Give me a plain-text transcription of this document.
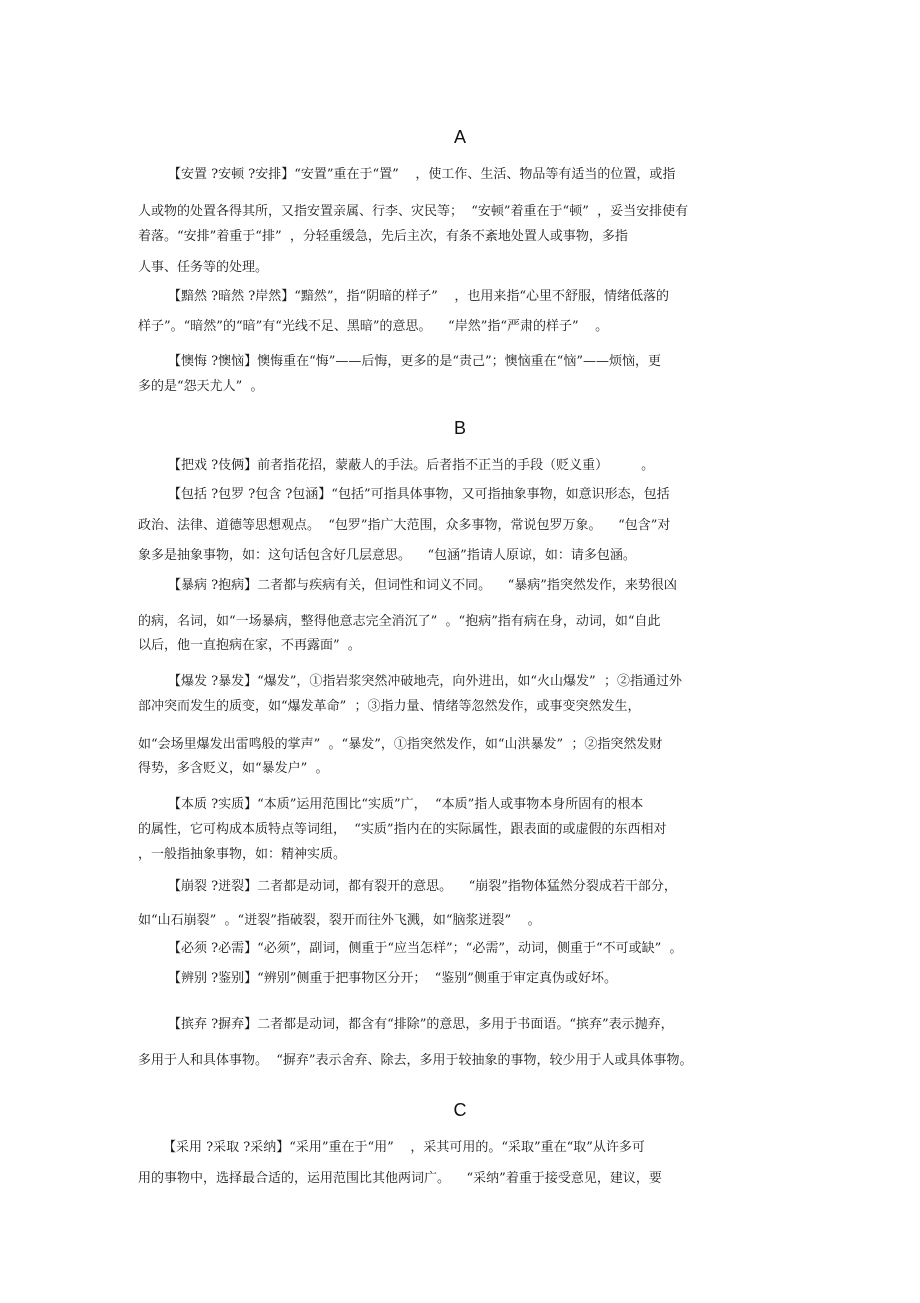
A
【安置 ?安顿 ?安排】“安置”重在于“置”    ，使工作、生活、物品等有适当的位置，或指
人或物的处置各得其所，又指安置亲属、行李、灾民等；  “安顿”着重在于“顿”  ，妥当安排使有
着落。“安排”着重于“排”  ，分轻重缓急，先后主次，有条不紊地处置人或事物，多指
人事、任务等的处理。
【黯然 ?暗然 ?岸然】“黯然”，指“阴暗的样子”    ，也用来指“心里不舒服，情绪低落的
样子”。“暗然”的“暗”有“光线不足、黑暗”的意思。    “岸然”指“严肃的样子”    。
【懊悔 ?懊恼】懊悔重在“悔”——后悔，更多的是“责己”；懊恼重在“恼”——烦恼，更
多的是“怨天尤人”  。
B
【把戏 ?伎俩】前者指花招，蒙蔽人的手法。后者指不正当的手段（贬义重）        。
【包括 ?包罗 ?包含 ?包涵】“包括”可指具体事物，又可指抽象事物，如意识形态，包括
政治、法律、道德等思想观点。  “包罗”指广大范围，众多事物，常说包罗万象。    “包含”对
象多是抽象事物，如：这句话包含好几层意思。    “包涵”指请人原谅，如：请多包涵。
【暴病 ?抱病】二者都与疾病有关，但词性和词义不同。    “暴病”指突然发作，来势很凶
的病，名词，如“一场暴病，整得他意志完全消沉了”  。“抱病”指有病在身，动词，如“自此
以后，他一直抱病在家，不再露面”  。
【爆发 ?暴发】“爆发”，①指岩浆突然冲破地壳，向外进出，如“火山爆发”  ；②指通过外
部冲突而发生的质变，如“爆发革命”  ；③指力量、情绪等忽然发作，或事变突然发生，
如“会场里爆发出雷鸣般的掌声”  。“暴发”，①指突然发作，如“山洪暴发”  ；②指突然发财
得势，多含贬义，如“暴发户”  。
【本质 ?实质】“本质”运用范围比“实质”广，  “本质”指人或事物本身所固有的根本
的属性，它可构成本质特点等词组，  “实质”指内在的实际属性，跟表面的或虚假的东西相对
，一般指抽象事物，如：精神实质。
【崩裂 ?迸裂】二者都是动词，都有裂开的意思。    “崩裂”指物体猛然分裂成若干部分，
如“山石崩裂”  。“迸裂”指破裂，裂开而往外飞溅，如“脑浆迸裂”    。
【必须 ?必需】“必须”，副词，侧重于“应当怎样”；“必需”，动词，侧重于“不可或缺”  。
【辨别 ?鉴别】“辨别”侧重于把事物区分开；  “鉴别”侧重于审定真伪或好坏。
【摈弃 ?摒弃】二者都是动词，都含有“排除”的意思，多用于书面语。“摈弃”表示抛弃，
多用于人和具体事物。  “摒弃”表示舍弃、除去，多用于较抽象的事物，较少用于人或具体事物。
C
【采用 ?采取 ?采纳】“采用”重在于“用”    ，采其可用的。“采取”重在“取”从许多可
用的事物中，选择最合适的，运用范围比其他两词广。    “采纳”着重于接受意见，建议，要
